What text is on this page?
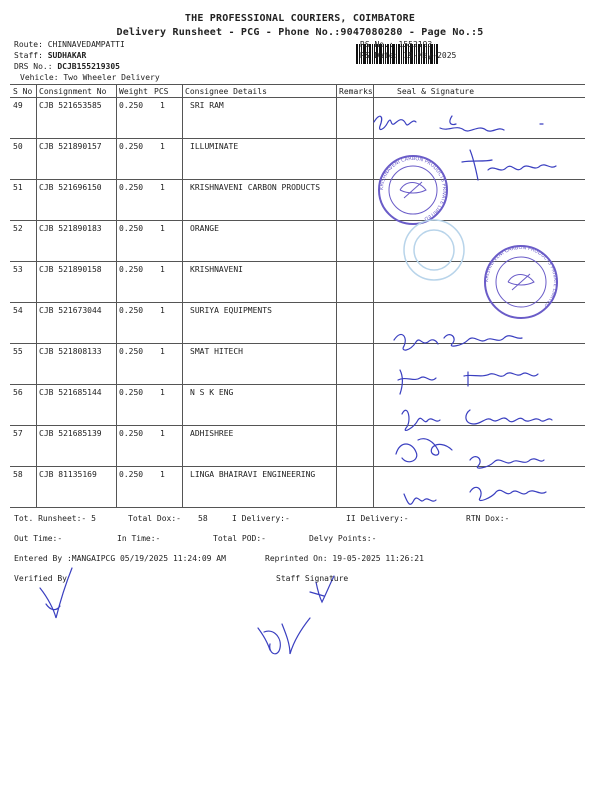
THE PROFESSIONAL COURIERS, COIMBATORE
Delivery Runsheet - PCG - Phone No.:9047080280 - Page No.:5
Route: CHINNAVEDAMPATTI
Staff: SUDHAKAR
DRS No.: DCJB155219305
Vehicle: Two Wheeler Delivery
RS No.: 1552193
RS Date: 19-May-2025
S No Consignment No Weight PCS Consignee Details	Remarks	Seal & Signature
49 CJB 521653585 0.250 1	SRI RAM
50 CJB 521890157 0.250 1	ILLUMINATE
51 CJB 521696150 0.250 1	KRISHNAVENI CARBON PRODUCTS
52 CJB 521890183 0.250 1	ORANGE
53 CJB 521890158 0.250 1	KRISHNAVENI
54 CJB 521673044 0.250 1	SURIYA EQUIPMENTS
55 CJB 521808133 0.250 1	SMAT HITECH
56 CJB 521685144 0.250 1	N S K ENG
57 CJB 521685139 0.250 1	ADHISHREE
58 CJB 81135169	0.250 1	LINGA BHAIRAVI ENGINEERING
KRISHNAVENI CARBON PRODUCTS PRIVATE LIMITED
KRISHNAVENI CARBON PRODUCTS PRIVATE LIMITED
Tot. Runsheet:- 5	Total Dox:- 58	I Delivery:-	II Delivery:-	RTN Dox:-
Out Time:-	In Time:-	Total POD:-	Delvy Points:-
Entered By :MANGAIPCG 05/19/2025 11:24:09 AM	Reprinted On: 19-05-2025 11:26:21
Verified By	Staff Signature
